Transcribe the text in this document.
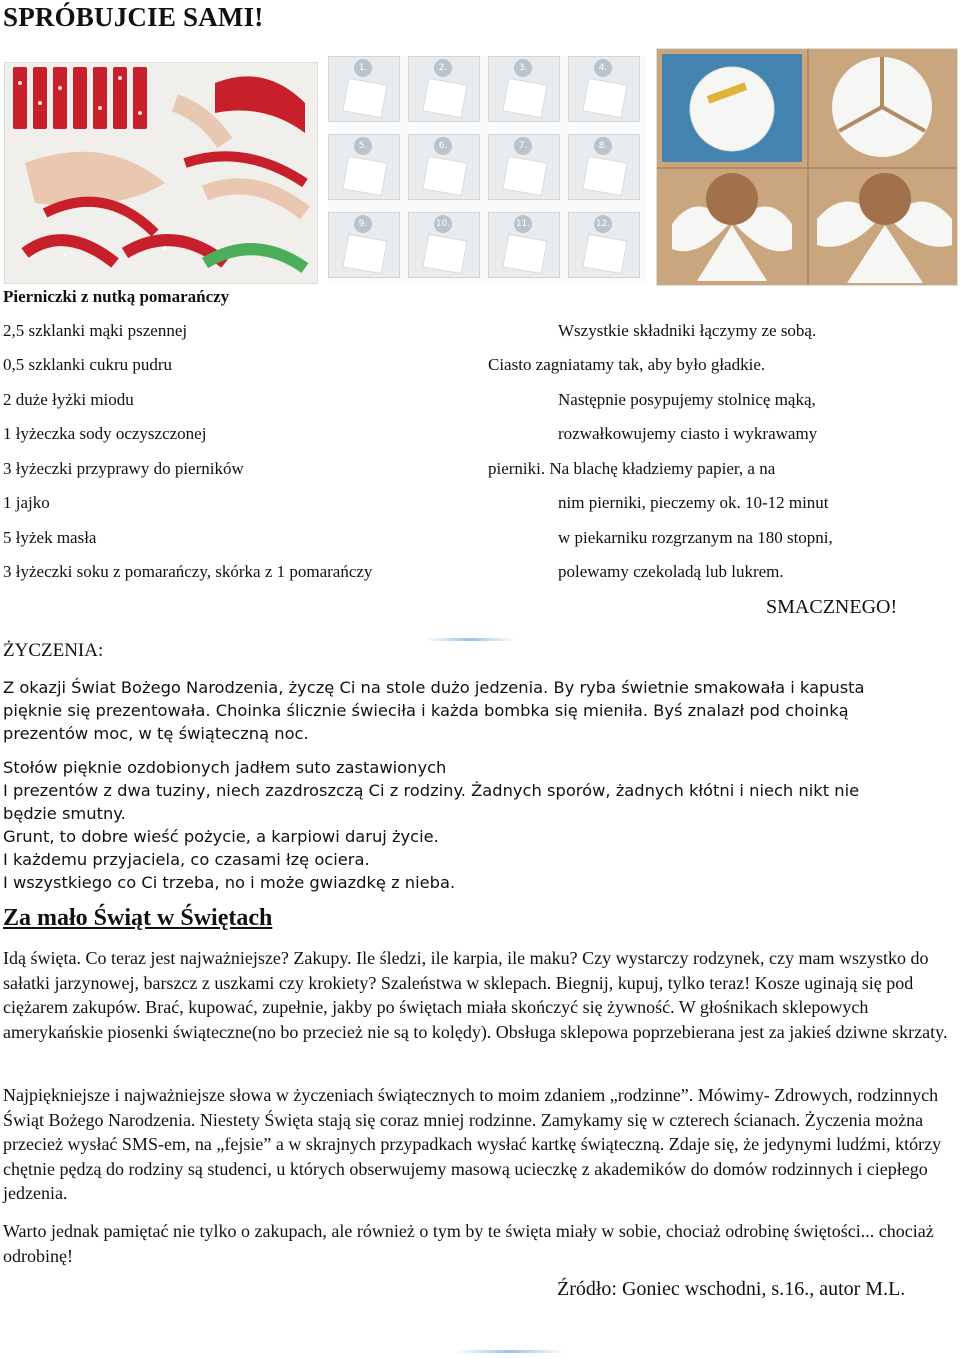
SPRÓBUJCIE SAMI!
1.	2.	3.	4.
5.	6.	7.	8.
9.	10.	11.	12.
Pierniczki z nutką pomarańczy
2,5 szklanki mąki pszennej
0,5 szklanki cukru pudru
2 duże łyżki miodu
1 łyżeczka sody oczyszczonej
3 łyżeczki przyprawy do pierników
1 jajko
5 łyżek masła
3 łyżeczki soku z pomarańczy, skórka z 1 pomarańczy
Wszystkie składniki łączymy ze sobą.
Ciasto zagniatamy tak, aby było gładkie.
Następnie posypujemy stolnicę mąką,
rozwałkowujemy ciasto i wykrawamy
pierniki. Na blachę kładziemy papier, a na
nim pierniki, pieczemy ok. 10-12 minut
w piekarniku rozgrzanym na 180 stopni,
polewamy czekoladą lub lukrem.
SMACZNEGO!
ŻYCZENIA:
Z okazji Świat Bożego Narodzenia, życzę Ci na stole dużo jedzenia. By ryba świetnie smakowała i kapusta
pięknie się prezentowała. Choinka ślicznie świeciła i każda bombka się mieniła. Byś znalazł pod choinką
prezentów moc, w tę świąteczną noc.
Stołów pięknie ozdobionych jadłem suto zastawionych
I prezentów z dwa tuziny, niech zazdroszczą Ci z rodziny. Żadnych sporów, żadnych kłótni i niech nikt nie
będzie smutny.
Grunt, to dobre wieść pożycie, a karpiowi daruj życie.
I każdemu przyjaciela, co czasami łzę ociera.
I wszystkiego co Ci trzeba, no i może gwiazdkę z nieba.
Za mało Świąt w Świętach
Idą święta. Co teraz jest najważniejsze? Zakupy. Ile śledzi, ile karpia, ile maku? Czy wystarczy rodzynek, czy mam wszystko do sałatki jarzynowej, barszcz z uszkami czy krokiety? Szaleństwa w sklepach. Biegnij, kupuj, tylko teraz! Kosze uginają się pod ciężarem zakupów. Brać, kupować, zupełnie, jakby po świętach miała skończyć się żywność. W głośnikach sklepowych amerykańskie piosenki świąteczne(no bo przecież nie są to kolędy). Obsługa sklepowa poprzebierana jest za jakieś dziwne skrzaty.
Najpiękniejsze i najważniejsze słowa w życzeniach świątecznych to moim zdaniem „rodzinne”. Mówimy- Zdrowych, rodzinnych Świąt Bożego Narodzenia. Niestety Święta stają się coraz mniej rodzinne. Zamykamy się w czterech ścianach. Życzenia można przecież wysłać SMS-em, na „fejsie” a w skrajnych przypadkach wysłać kartkę świąteczną. Zdaje się, że jedynymi ludźmi, którzy chętnie pędzą do rodziny są studenci, u których obserwujemy masową ucieczkę z akademików do domów rodzinnych i ciepłego jedzenia.
Warto jednak pamiętać nie tylko o zakupach, ale również o tym by te święta miały w sobie, chociaż odrobinę świętości... chociaż odrobinę!
Źródło: Goniec wschodni, s.16., autor M.L.
